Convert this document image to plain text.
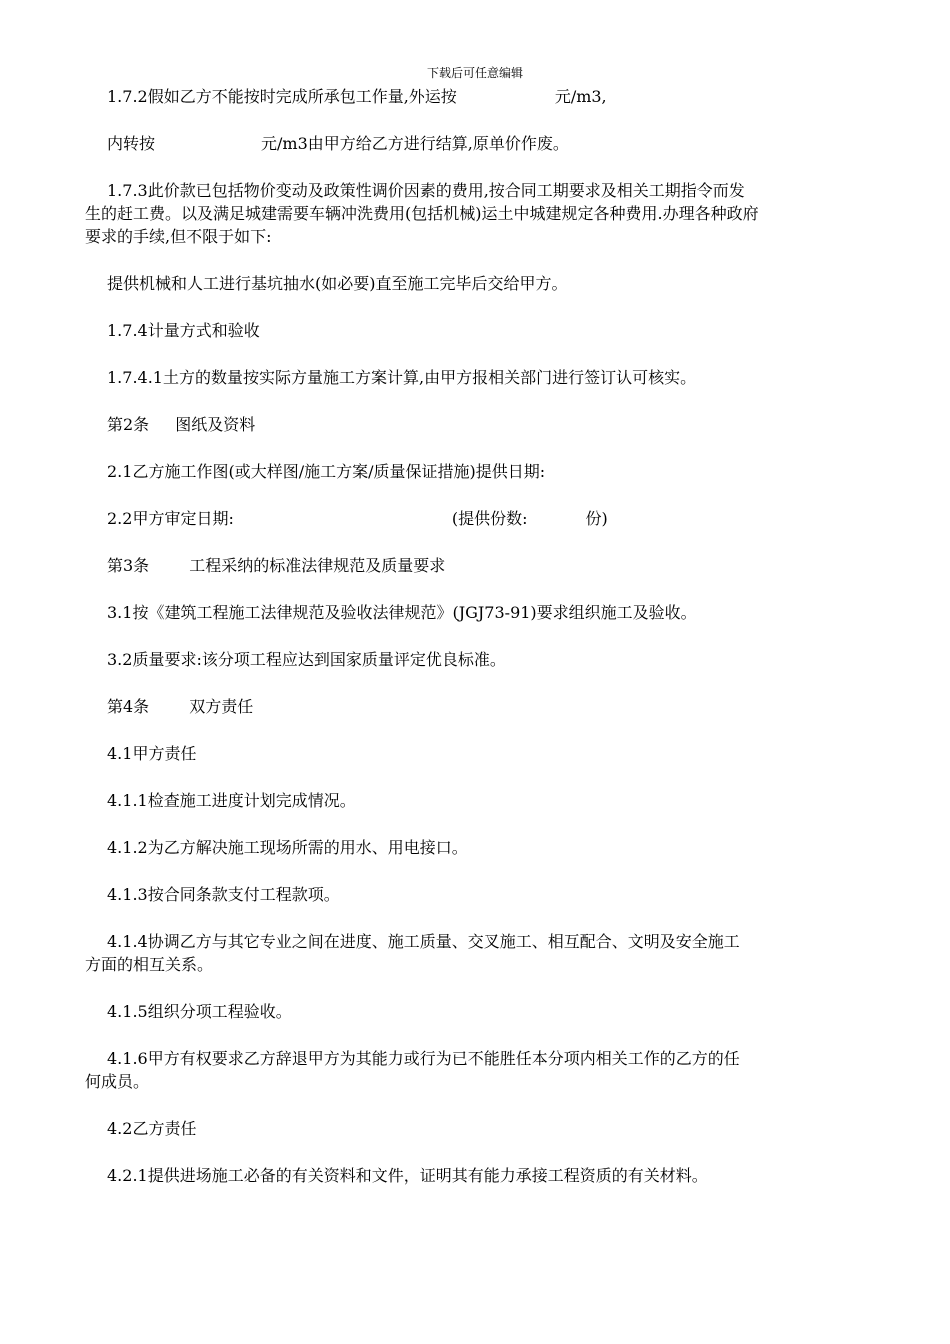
下载后可任意编辑

1.7.2假如乙方不能按时完成所承包工作量,外运按	元/m3,

内转按	元/m3由甲方给乙方进行结算,原单价作废。

1.7.3此价款已包括物价变动及政策性调价因素的费用,按合同工期要求及相关工期指令而发
生的赶工费。以及满足城建需要车辆冲洗费用(包括机械)运土中城建规定各种费用.办理各种政府
要求的手续,但不限于如下:

提供机械和人工进行基坑抽水(如必要)直至施工完毕后交给甲方。

1.7.4计量方式和验收

1.7.4.1土方的数量按实际方量施工方案计算,由甲方报相关部门进行签订认可核实。

第2条 图纸及资料

2.1乙方施工作图(或大样图/施工方案/质量保证措施)提供日期:

2.2甲方审定日期:	(提供份数:	份)

第3条	工程采纳的标准法律规范及质量要求

3.1按《建筑工程施工法律规范及验收法律规范》(JGJ73-91)要求组织施工及验收。

3.2质量要求:该分项工程应达到国家质量评定优良标准。

第4条	双方责任

4.1甲方责任

4.1.1检查施工进度计划完成情况。

4.1.2为乙方解决施工现场所需的用水、用电接口。

4.1.3按合同条款支付工程款项。

4.1.4协调乙方与其它专业之间在进度、施工质量、交叉施工、相互配合、文明及安全施工
方面的相互关系。

4.1.5组织分项工程验收。

4.1.6甲方有权要求乙方辞退甲方为其能力或行为已不能胜任本分项内相关工作的乙方的任
何成员。

4.2乙方责任

4.2.1提供进场施工必备的有关资料和文件，证明其有能力承接工程资质的有关材料。
